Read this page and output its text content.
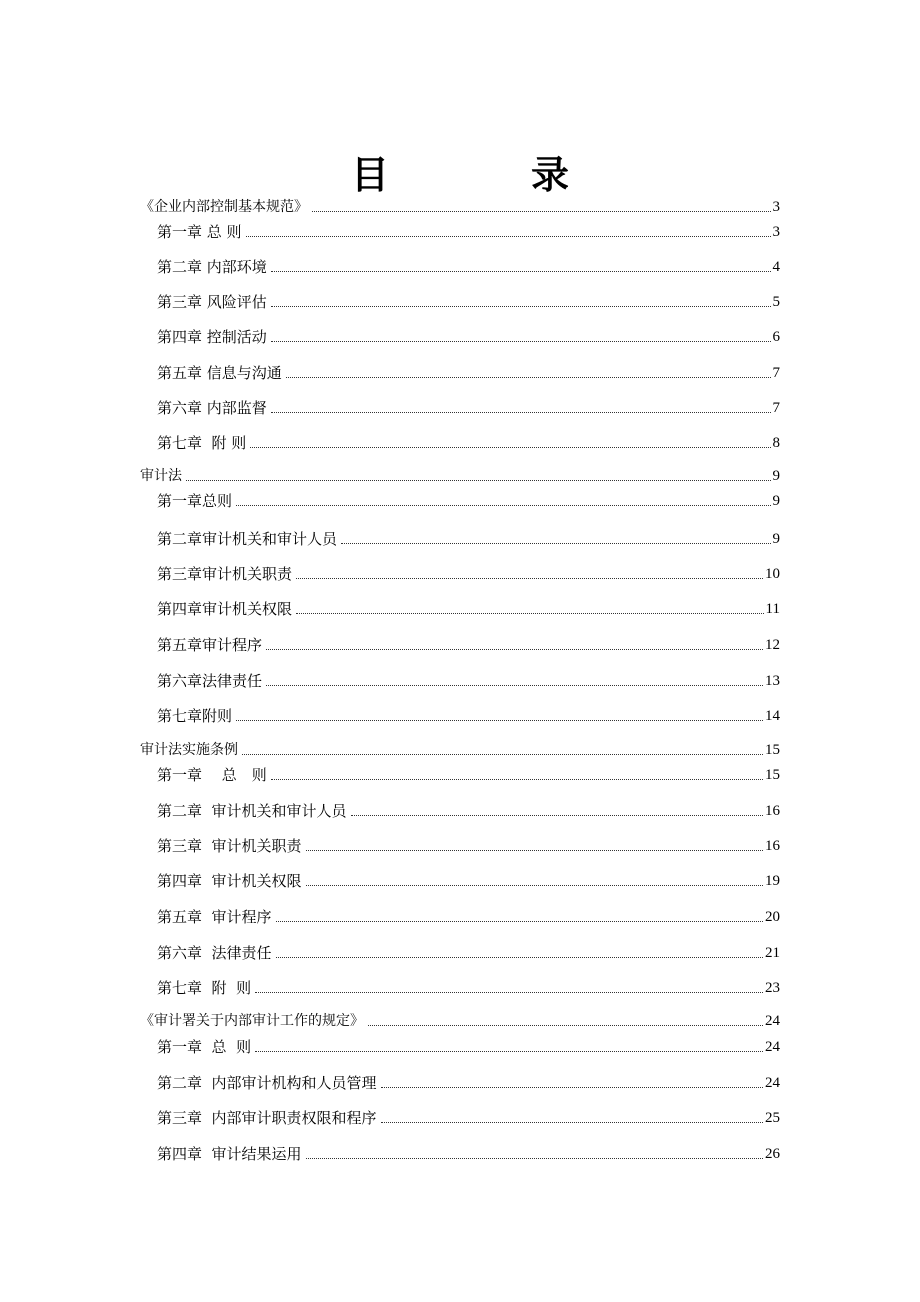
目　录
《企业内部控制基本规范》	3
第一章 总 则	3
第二章 内部环境	4
第三章 风险评估	5
第四章 控制活动	6
第五章 信息与沟通	7
第六章 内部监督	7
第七章  附 则	8
审计法	9
第一章总则	9
第二章审计机关和审计人员	9
第三章审计机关职责	10
第四章审计机关权限	11
第五章审计程序	12
第六章法律责任	13
第七章附则	14
审计法实施条例	15
第一章　 总　则	15
第二章  审计机关和审计人员	16
第三章  审计机关职责	16
第四章  审计机关权限	19
第五章  审计程序	20
第六章  法律责任	21
第七章  附  则	23
《审计署关于内部审计工作的规定》	24
第一章  总  则	24
第二章  内部审计机构和人员管理	24
第三章  内部审计职责权限和程序	25
第四章  审计结果运用	26
